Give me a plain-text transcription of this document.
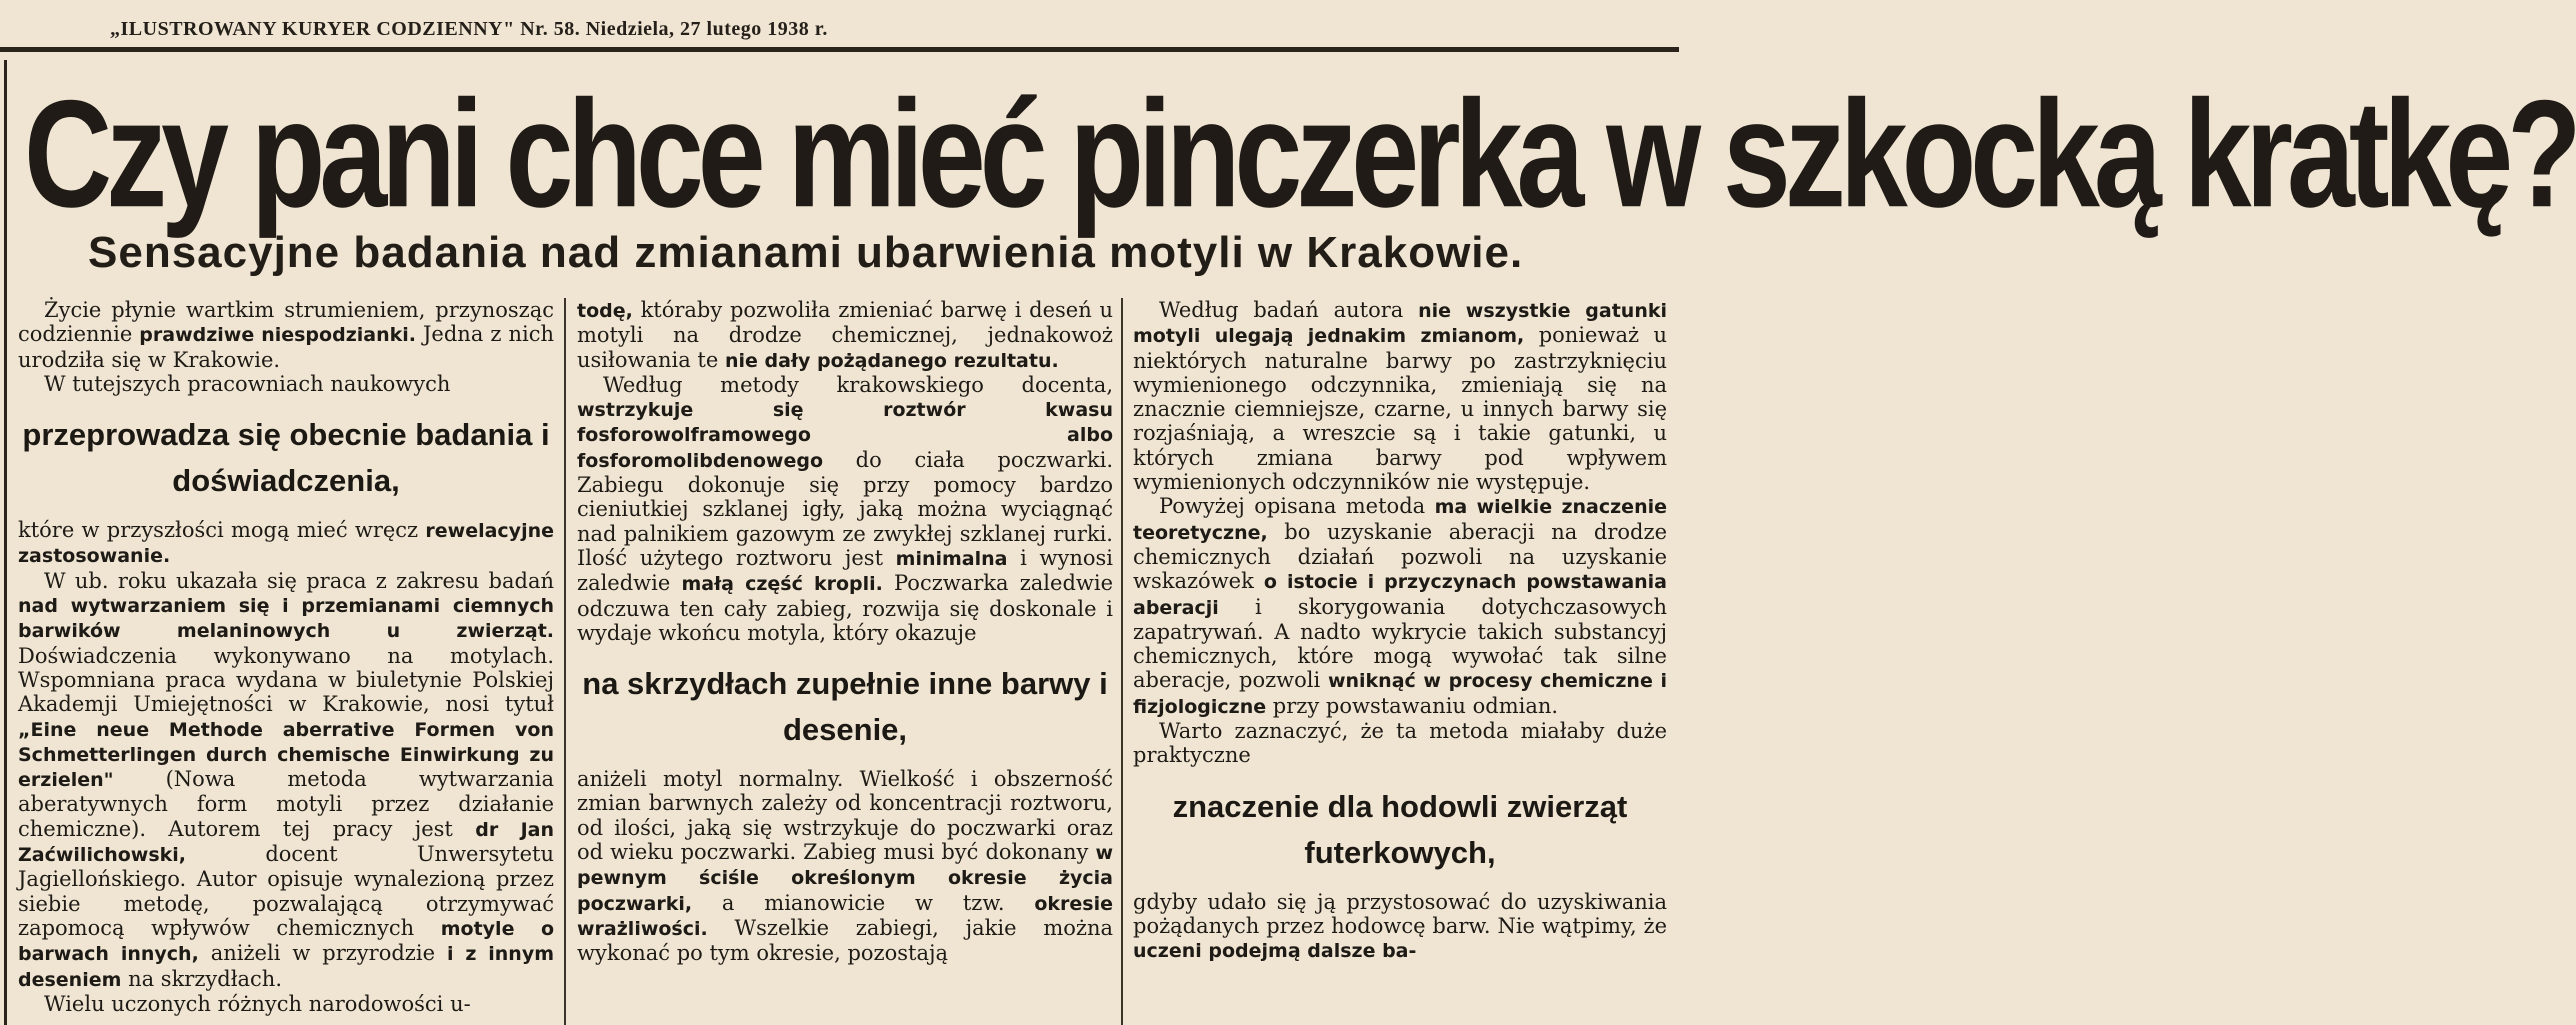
„ILUSTROWANY KURYER CODZIENNY" Nr. 58. Niedziela, 27 lutego 1938 r.
Czy pani chce mieć pinczerka w szkocką kratkę?
Sensacyjne badania nad zmianami ubarwienia motyli w Krakowie.

Życie płynie wartkim strumieniem, przynosząc codziennie prawdziwe niespodzianki. Jedna z nich urodziła się w Krakowie.

W tutejszych pracowniach naukowych

przeprowadza się obecnie badania i doświadczenia,

które w przyszłości mogą mieć wręcz rewelacyjne zastosowanie.

W ub. roku ukazała się praca z zakresu badań nad wytwarzaniem się i przemianami ciemnych barwików melaninowych u zwierząt. Doświadczenia wykonywano na motylach. Wspomniana praca wydana w biuletynie Polskiej Akademji Umiejętności w Krakowie, nosi tytuł „Eine neue Methode aberrative Formen von Schmetterlingen durch chemische Einwirkung zu erzielen" (Nowa metoda wytwarzania aberatywnych form motyli przez działanie chemiczne). Autorem tej pracy jest dr Jan Zaćwilichowski, docent Unwersytetu Jagiellońskiego. Autor opisuje wynalezioną przez siebie metodę, pozwalającą otrzymywać zapomocą wpływów chemicznych motyle o barwach innych, aniżeli w przyrodzie i z innym deseniem na skrzydłach.

Wielu uczonych różnych narodowości u-

todę, któraby pozwoliła zmieniać barwę i deseń u motyli na drodze chemicznej, jednakowoż usiłowania te nie dały pożądanego rezultatu.

Według metody krakowskiego docenta, wstrzykuje się roztwór kwasu fosforowolframowego albo fosforomolibdenowego do ciała poczwarki. Zabiegu dokonuje się przy pomocy bardzo cieniutkiej szklanej igły, jaką można wyciągnąć nad palnikiem gazowym ze zwykłej szklanej rurki. Ilość użytego roztworu jest minimalna i wynosi zaledwie małą część kropli. Poczwarka zaledwie odczuwa ten cały zabieg, rozwija się doskonale i wydaje wkońcu motyla, który okazuje

na skrzydłach zupełnie inne barwy i desenie,

aniżeli motyl normalny. Wielkość i obszerność zmian barwnych zależy od koncentracji roztworu, od ilości, jaką się wstrzykuje do poczwarki oraz od wieku poczwarki. Zabieg musi być dokonany w pewnym ściśle określonym okresie życia poczwarki, a mianowicie w tzw. okresie wrażliwości. Wszelkie zabiegi, jakie można wykonać po tym okresie, pozostają

Według badań autora nie wszystkie gatunki motyli ulegają jednakim zmianom, ponieważ u niektórych naturalne barwy po zastrzyknięciu wymienionego odczynnika, zmieniają się na znacznie ciemniejsze, czarne, u innych barwy się rozjaśniają, a wreszcie są i takie gatunki, u których zmiana barwy pod wpływem wymienionych odczynników nie występuje.

Powyżej opisana metoda ma wielkie znaczenie teoretyczne, bo uzyskanie aberacji na drodze chemicznych działań pozwoli na uzyskanie wskazówek o istocie i przyczynach powstawania aberacji i skorygowania dotychczasowych zapatrywań. A nadto wykrycie takich substancyj chemicznych, które mogą wywołać tak silne aberacje, pozwoli wniknąć w procesy chemiczne i fizjologiczne przy powstawaniu odmian.

Warto zaznaczyć, że ta metoda miałaby duże praktyczne

znaczenie dla hodowli zwierząt futerkowych,

gdyby udało się ją przystosować do uzyskiwania pożądanych przez hodowcę barw. Nie wątpimy, że uczeni podejmą dalsze ba-
